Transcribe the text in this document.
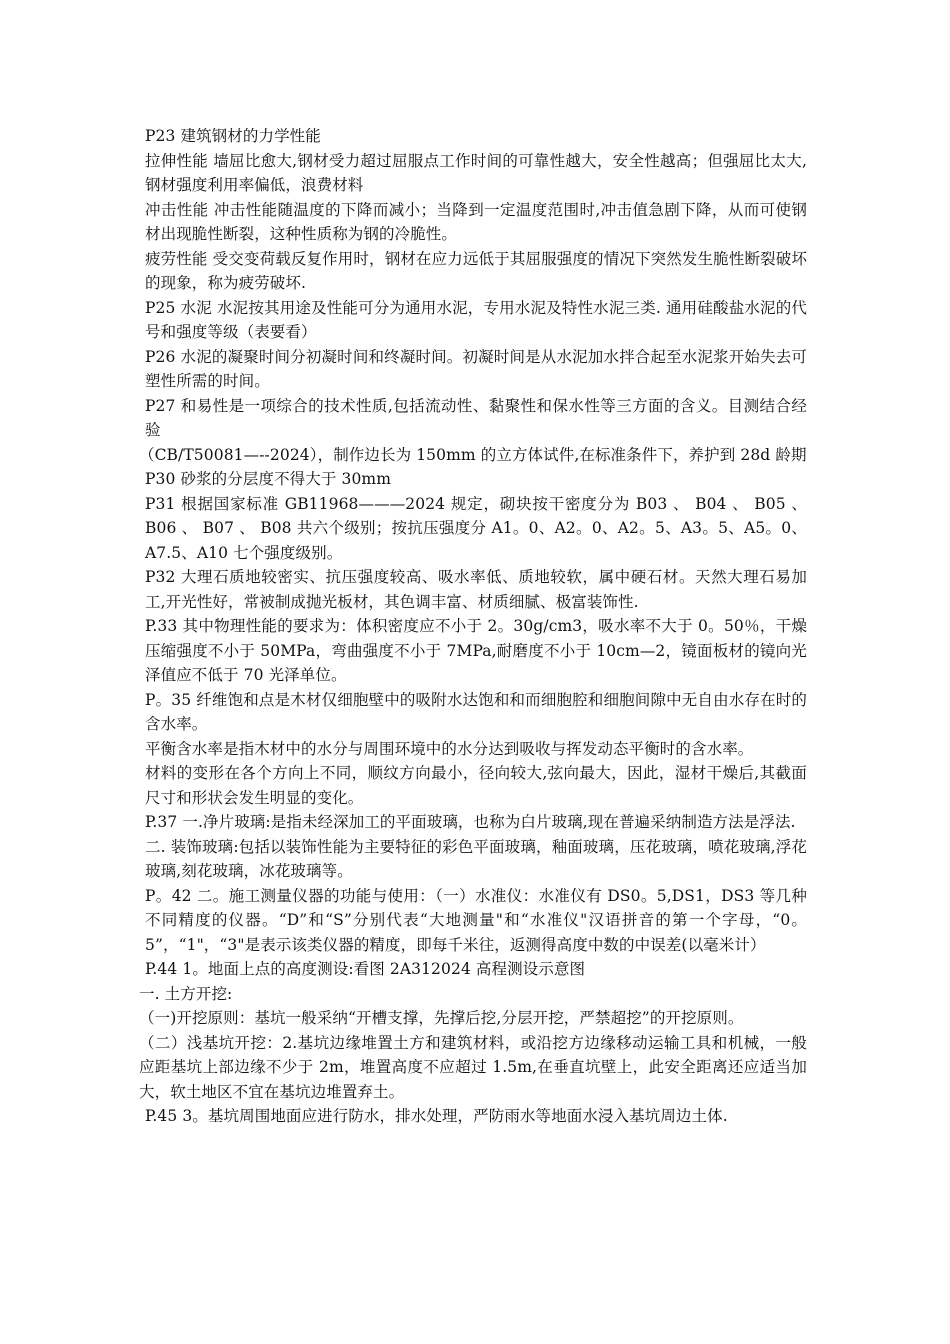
P23 建筑钢材的力学性能

拉伸性能 墙屈比愈大,钢材受力超过屈服点工作时间的可靠性越大，安全性越高；但强屈比太大,钢材强度利用率偏低，浪费材料

冲击性能 冲击性能随温度的下降而减小；当降到一定温度范围时,冲击值急剧下降，从而可使钢材出现脆性断裂，这种性质称为钢的冷脆性。

疲劳性能 受交变荷载反复作用时，钢材在应力远低于其屈服强度的情况下突然发生脆性断裂破坏的现象，称为疲劳破坏.

P25 水泥 水泥按其用途及性能可分为通用水泥，专用水泥及特性水泥三类. 通用硅酸盐水泥的代号和强度等级（表要看）

P26 水泥的凝聚时间分初凝时间和终凝时间。初凝时间是从水泥加水拌合起至水泥浆开始失去可塑性所需的时间。

P27 和易性是一项综合的技术性质,包括流动性、黏聚性和保水性等三方面的含义。目测结合经验

（CB/T50081—--2024），制作边长为 150mm 的立方体试件,在标准条件下，养护到 28d 龄期

P30 砂浆的分层度不得大于 30mm

P31 根据国家标准 GB11968———2024 规定，砌块按干密度分为 B03 、 B04 、 B05 、 B06 、 B07 、 B08 共六个级别；按抗压强度分 A1。0、A2。0、A2。5、A3。5、A5。0、A7.5、A10 七个强度级别。

P32 大理石质地较密实、抗压强度较高、吸水率低、质地较软，属中硬石材。天然大理石易加工,开光性好，常被制成抛光板材，其色调丰富、材质细腻、极富装饰性.

P.33 其中物理性能的要求为：体积密度应不小于 2。30g/cm3，吸水率不大于 0。50％，干燥压缩强度不小于 50MPa，弯曲强度不小于 7MPa,耐磨度不小于 10cm—2，镜面板材的镜向光泽值应不低于 70 光泽单位。

P。35 纤维饱和点是木材仅细胞壁中的吸附水达饱和和而细胞腔和细胞间隙中无自由水存在时的含水率。

平衡含水率是指木材中的水分与周围环境中的水分达到吸收与挥发动态平衡时的含水率。

材料的变形在各个方向上不同，顺纹方向最小，径向较大,弦向最大，因此，湿材干燥后,其截面尺寸和形状会发生明显的变化。

P.37 一.净片玻璃:是指未经深加工的平面玻璃，也称为白片玻璃,现在普遍采纳制造方法是浮法.

二. 装饰玻璃:包括以装饰性能为主要特征的彩色平面玻璃，釉面玻璃，压花玻璃，喷花玻璃,浮花玻璃,刻花玻璃，冰花玻璃等。

P。42 二。施工测量仪器的功能与使用：（一）水准仪：水准仪有 DS0。5,DS1，DS3 等几种不同精度的仪器。“D”和“S”分别代表“大地测量"和“水准仪"汉语拼音的第一个字母，“0。5”，“1"，“3"是表示该类仪器的精度，即每千米往，返测得高度中数的中误差(以毫米计）

P.44 1。地面上点的高度测设:看图 2A312024 高程测设示意图

一. 土方开挖:

（一)开挖原则：基坑一般采纳“开槽支撑，先撑后挖,分层开挖，严禁超挖”的开挖原则。

（二）浅基坑开挖：2.基坑边缘堆置土方和建筑材料，或沿挖方边缘移动运输工具和机械，一般应距基坑上部边缘不少于 2m，堆置高度不应超过 1.5m,在垂直坑壁上，此安全距离还应适当加大，软土地区不宜在基坑边堆置弃土。

P.45 3。基坑周围地面应进行防水，排水处理，严防雨水等地面水浸入基坑周边土体.
